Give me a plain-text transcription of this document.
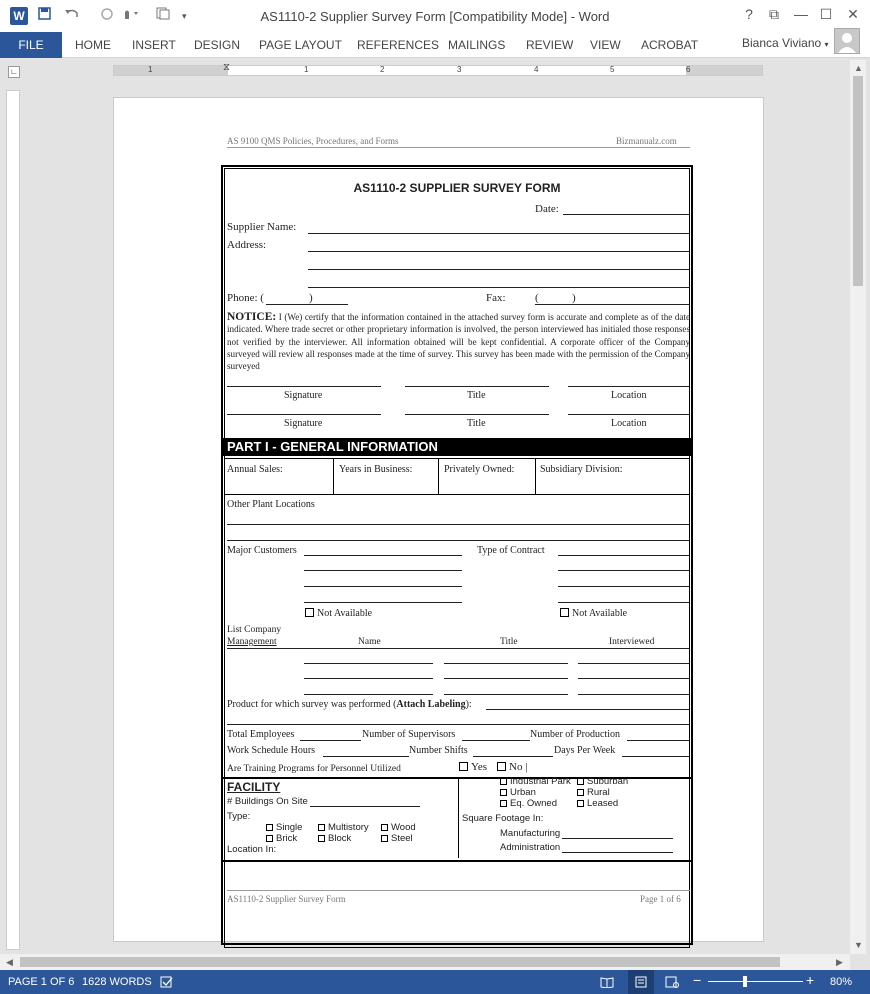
W	▾	AS1110-2 Supplier Survey Form [Compatibility Mode] - Word	?	⧉	— ☐	✕
FILE	HOME INSERT DESIGN PAGE LAYOUT REFERENCES MAILINGS REVIEW VIEW ACROBAT	Bianca Viviano ▾
∟	1	1	2	3	4	5	6
⧖
AS 9100 QMS Policies, Procedures, and Forms	Bizmanualz.com
AS1110-2 SUPPLIER SURVEY FORM
Date:
Supplier Name:
Address:
Phone: (	)	Fax:	(	)
NOTICE: I (We) certify that the information contained in the attached survey form is accurate and complete as of the date indicated. Where trade secret or other proprietary information is involved, the person interviewed has initialed those responses not verified by the interviewer. All information obtained will be kept confidential. A corporate officer of the Company surveyed will review all responses made at the time of survey. This survey has been made with the permission of the Company surveyed
Signature	Title	Location
Signature	Title	Location
PART I - GENERAL INFORMATION
Annual Sales:	Years in Business:	Privately Owned:	Subsidiary Division:
Other Plant Locations
Major Customers	Type of Contract
Not Available	Not Available
List Company
Management	Name	Title	Interviewed
Product for which survey was performed (Attach Labeling):
Total Employees	Number of Supervisors	Number of Production
Work Schedule Hours	Number Shifts	Days Per Week
Are Training Programs for Personnel Utilized	Yes	No |
FACILITY
# Buildings On Site
Type:
Single	Multistory	Wood
Brick	Block	Steel
Location In:
Industrial Park	Suburban
Urban	Rural
Eq. Owned	Leased
Square Footage In:
Manufacturing
Administration
AS1110-2 Supplier Survey Form	Page 1 of 6
▲
▼
◀	▶
PAGE 1 OF 6 1628 WORDS	−	+ 80%
